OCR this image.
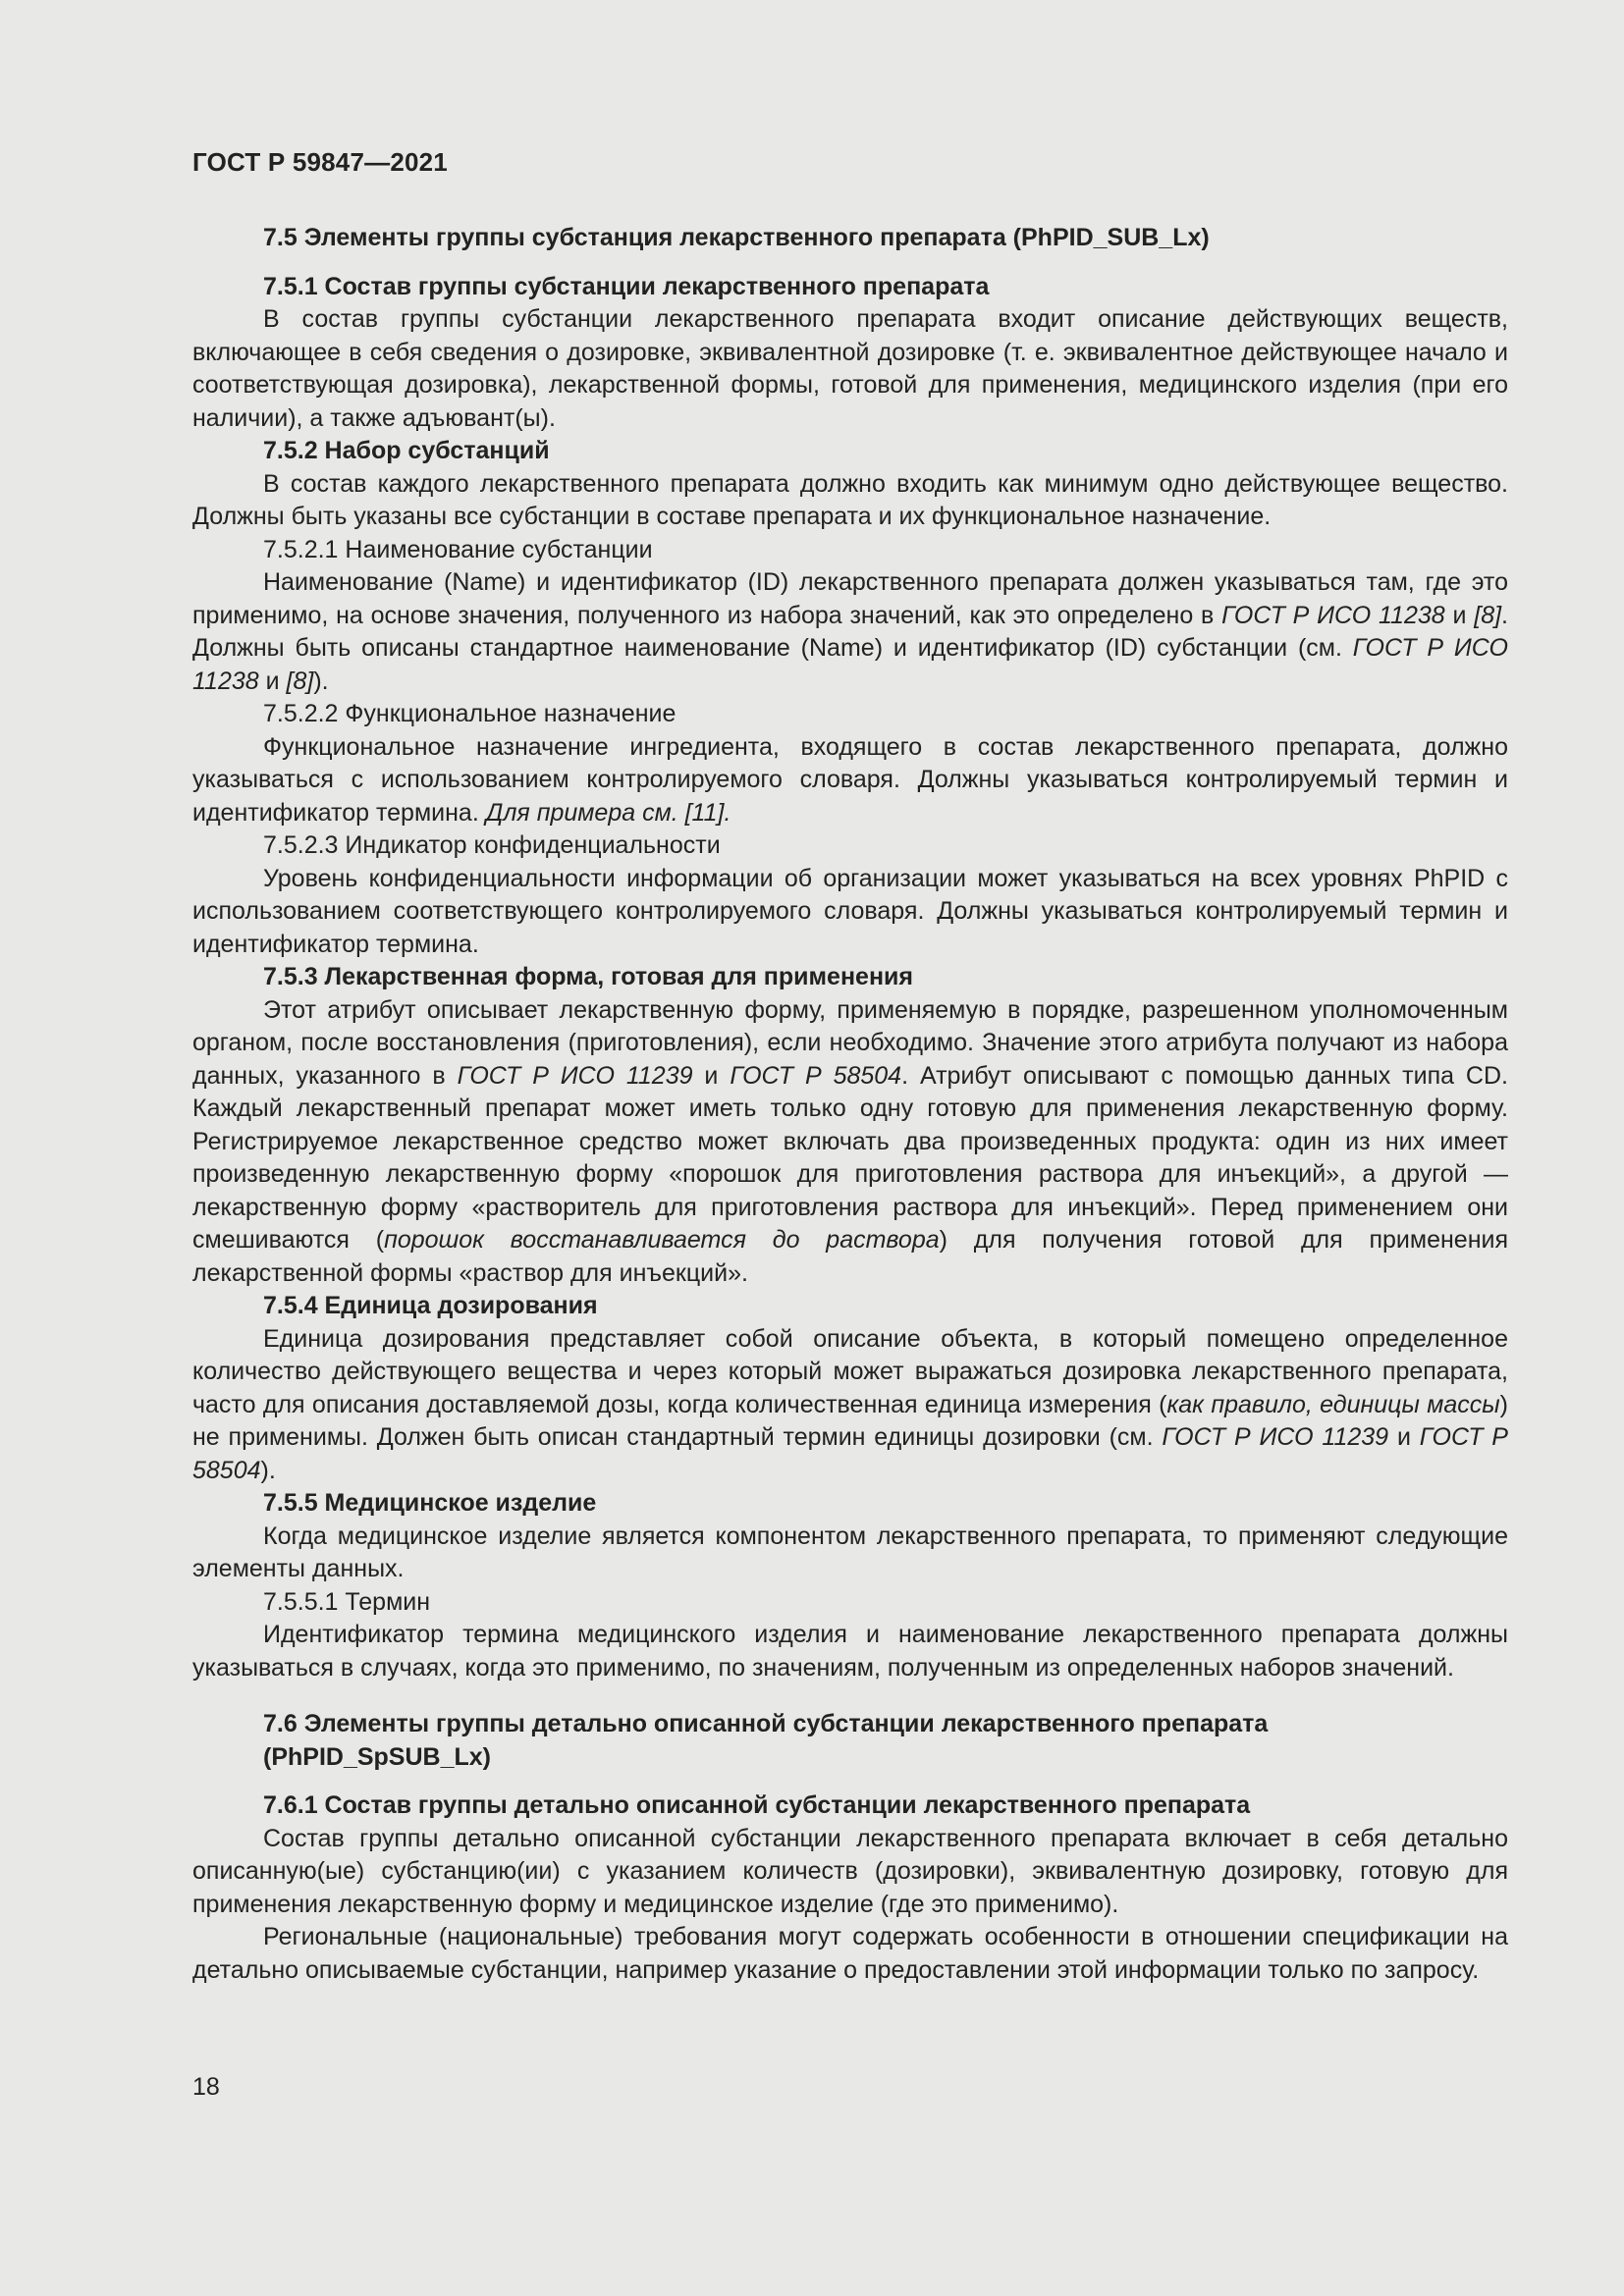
ГОСТ Р 59847—2021

7.5 Элементы группы субстанция лекарственного препарата (PhPID_SUB_Lx)

7.5.1 Состав группы субстанции лекарственного препарата

В состав группы субстанции лекарственного препарата входит описание действующих веществ, включающее в себя сведения о дозировке, эквивалентной дозировке (т. е. эквивалентное действующее начало и соответствующая дозировка), лекарственной формы, готовой для применения, медицинского изделия (при его наличии), а также адъювант(ы).

7.5.2 Набор субстанций

В состав каждого лекарственного препарата должно входить как минимум одно действующее вещество. Должны быть указаны все субстанции в составе препарата и их функциональное назначение.

7.5.2.1 Наименование субстанции

Наименование (Name) и идентификатор (ID) лекарственного препарата должен указываться там, где это применимо, на основе значения, полученного из набора значений, как это определено в ГОСТ Р ИСО 11238 и [8]. Должны быть описаны стандартное наименование (Name) и идентификатор (ID) субстанции (см. ГОСТ Р ИСО 11238 и [8]).

7.5.2.2 Функциональное назначение

Функциональное назначение ингредиента, входящего в состав лекарственного препарата, должно указываться с использованием контролируемого словаря. Должны указываться контролируемый термин и идентификатор термина. Для примера см. [11].

7.5.2.3 Индикатор конфиденциальности

Уровень конфиденциальности информации об организации может указываться на всех уровнях PhPID с использованием соответствующего контролируемого словаря. Должны указываться контролируемый термин и идентификатор термина.

7.5.3 Лекарственная форма, готовая для применения

Этот атрибут описывает лекарственную форму, применяемую в порядке, разрешенном уполномоченным органом, после восстановления (приготовления), если необходимо. Значение этого атрибута получают из набора данных, указанного в ГОСТ Р ИСО 11239 и ГОСТ Р 58504. Атрибут описывают с помощью данных типа CD. Каждый лекарственный препарат может иметь только одну готовую для применения лекарственную форму. Регистрируемое лекарственное средство может включать два произведенных продукта: один из них имеет произведенную лекарственную форму «порошок для приготовления раствора для инъекций», а другой — лекарственную форму «растворитель для приготовления раствора для инъекций». Перед применением они смешиваются (порошок восстанавливается до раствора) для получения готовой для применения лекарственной формы «раствор для инъекций».

7.5.4 Единица дозирования

Единица дозирования представляет собой описание объекта, в который помещено определенное количество действующего вещества и через который может выражаться дозировка лекарственного препарата, часто для описания доставляемой дозы, когда количественная единица измерения (как правило, единицы массы) не применимы. Должен быть описан стандартный термин единицы дозировки (см. ГОСТ Р ИСО 11239 и ГОСТ Р 58504).

7.5.5 Медицинское изделие

Когда медицинское изделие является компонентом лекарственного препарата, то применяют следующие элементы данных.

7.5.5.1 Термин

Идентификатор термина медицинского изделия и наименование лекарственного препарата должны указываться в случаях, когда это применимо, по значениям, полученным из определенных наборов значений.

7.6 Элементы группы детально описанной субстанции лекарственного препарата

(PhPID_SpSUB_Lx)

7.6.1 Состав группы детально описанной субстанции лекарственного препарата

Состав группы детально описанной субстанции лекарственного препарата включает в себя детально описанную(ые) субстанцию(ии) с указанием количеств (дозировки), эквивалентную дозировку, готовую для применения лекарственную форму и медицинское изделие (где это применимо).

Региональные (национальные) требования могут содержать особенности в отношении спецификации на детально описываемые субстанции, например указание о предоставлении этой информации только по запросу.

18
